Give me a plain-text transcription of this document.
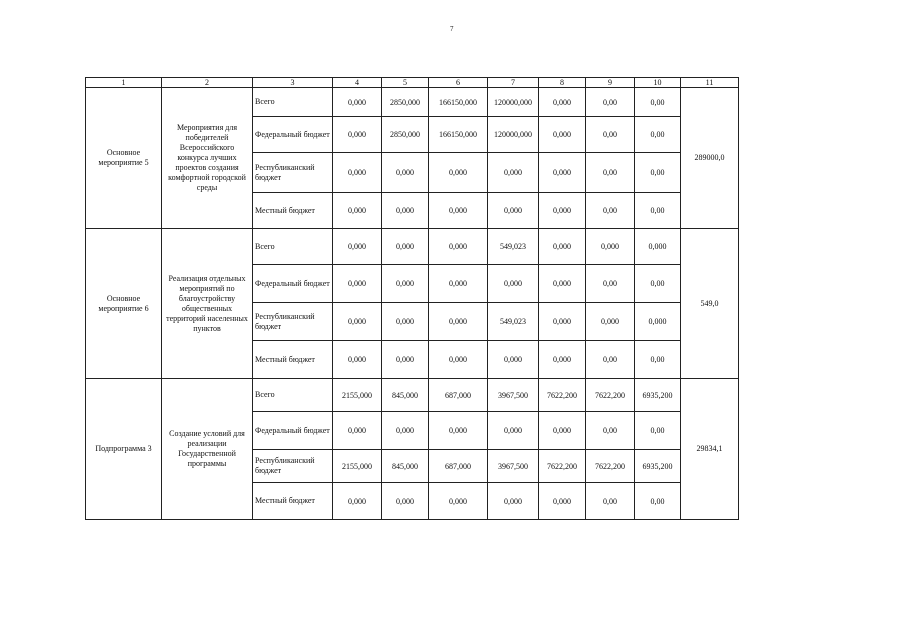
7
1	2	3	4	5	6	7	8	9	10	11
Основное мероприятие 5	Мероприятия для победителей Всероссийского конкурса лучших проектов создания комфортной городской среды	Всего	0,000	2850,000	166150,000	120000,000	0,000	0,00	0,00	289000,0
		Федеральный бюджет	0,000	2850,000	166150,000	120000,000	0,000	0,00	0,00	
		Республиканский бюджет	0,000	0,000	0,000	0,000	0,000	0,00	0,00	
		Местный бюджет	0,000	0,000	0,000	0,000	0,000	0,00	0,00	
Основное мероприятие 6	Реализация отдельных мероприятий по благоустройству общественных территорий населенных пунктов	Всего	0,000	0,000	0,000	549,023	0,000	0,000	0,000	549,0
		Федеральный бюджет	0,000	0,000	0,000	0,000	0,000	0,00	0,00	
		Республиканский бюджет	0,000	0,000	0,000	549,023	0,000	0,000	0,000	
		Местный бюджет	0,000	0,000	0,000	0,000	0,000	0,00	0,00	
Подпрограмма 3	Создание условий для реализации Государственной программы	Всего	2155,000	845,000	687,000	3967,500	7622,200	7622,200	6935,200	29834,1
		Федеральный бюджет	0,000	0,000	0,000	0,000	0,000	0,00	0,00	
		Республиканский бюджет	2155,000	845,000	687,000	3967,500	7622,200	7622,200	6935,200	
		Местный бюджет	0,000	0,000	0,000	0,000	0,000	0,00	0,00	
